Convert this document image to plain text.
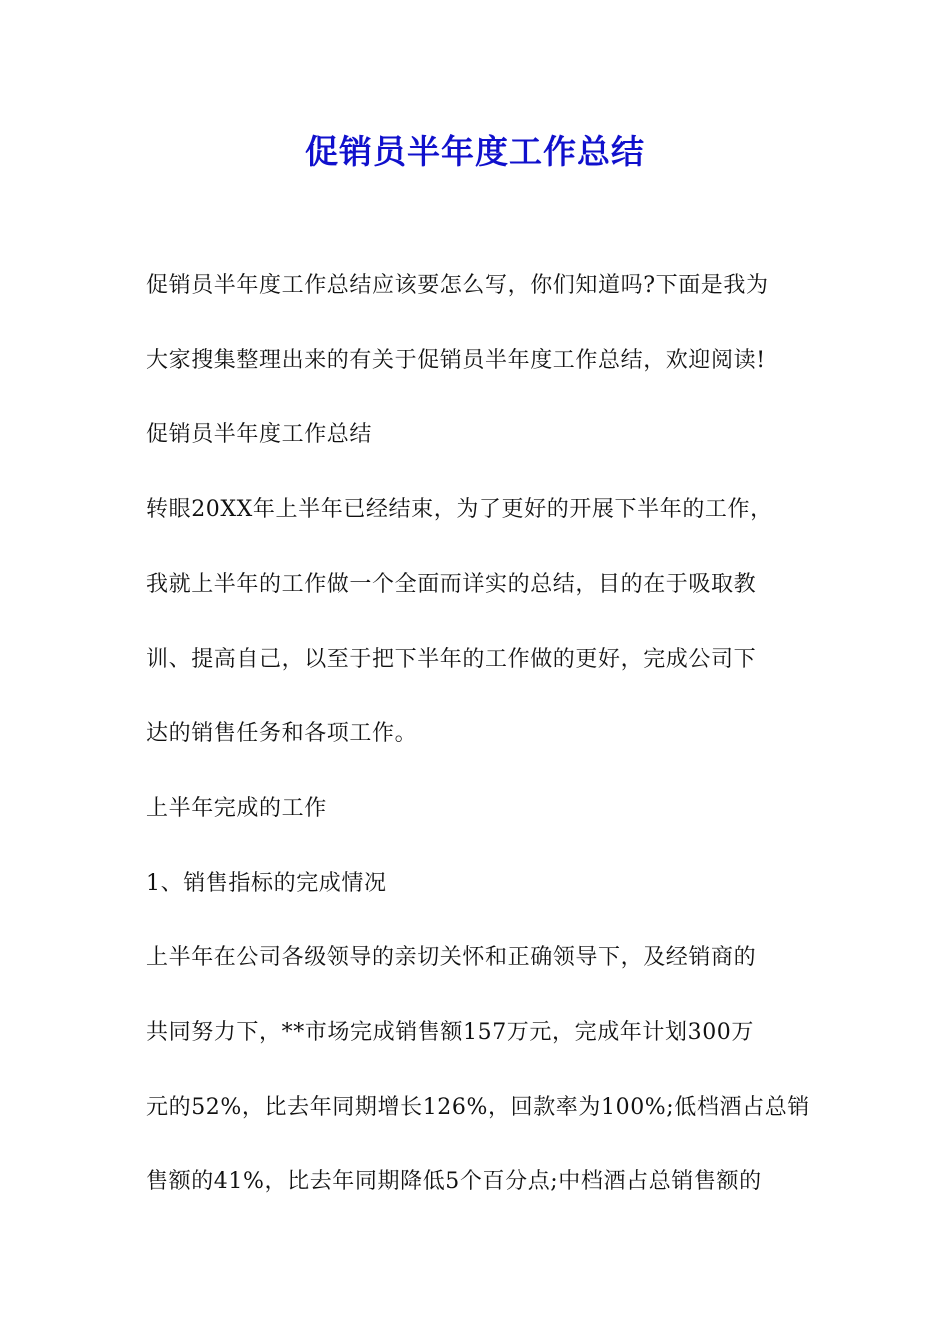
促销员半年度工作总结

促销员半年度工作总结应该要怎么写，你们知道吗?下面是我为

大家搜集整理出来的有关于促销员半年度工作总结，欢迎阅读!

促销员半年度工作总结

转眼20XX年上半年已经结束，为了更好的开展下半年的工作，

我就上半年的工作做一个全面而详实的总结，目的在于吸取教

训、提高自己，以至于把下半年的工作做的更好，完成公司下

达的销售任务和各项工作。

上半年完成的工作

1、销售指标的完成情况

上半年在公司各级领导的亲切关怀和正确领导下，及经销商的

共同努力下，**市场完成销售额157万元，完成年计划300万

元的52%，比去年同期增长126%，回款率为100%;低档酒占总销

售额的41%，比去年同期降低5个百分点;中档酒占总销售额的
